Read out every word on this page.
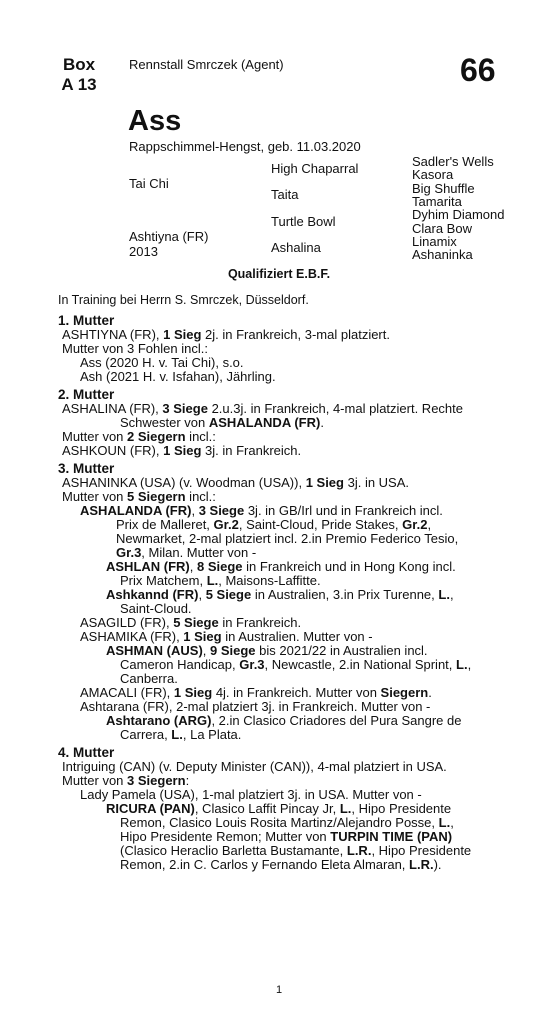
Box
A 13
Rennstall Smrczek (Agent)	66
Ass
Rappschimmel-Hengst, geb. 11.03.2020
Tai Chi
Ashtiyna (FR)
2013
High Chaparral
Taita
Turtle Bowl
Ashalina
Sadler's Wells
Kasora
Big Shuffle
Tamarita
Dyhim Diamond
Clara Bow
Linamix
Ashaninka
Qualifiziert E.B.F.
In Training bei Herrn S. Smrczek, Düsseldorf.
1. Mutter
ASHTIYNA (FR), 1 Sieg 2j. in Frankreich, 3-mal platziert.
Mutter von 3 Fohlen incl.:
Ass (2020 H. v. Tai Chi), s.o.
Ash (2021 H. v. Isfahan), Jährling.
2. Mutter
ASHALINA (FR), 3 Siege 2.u.3j. in Frankreich, 4-mal platziert. Rechte
Schwester von ASHALANDA (FR).
Mutter von 2 Siegern incl.:
ASHKOUN (FR), 1 Sieg 3j. in Frankreich.
3. Mutter
ASHANINKA (USA) (v. Woodman (USA)), 1 Sieg 3j. in USA.
Mutter von 5 Siegern incl.:
ASHALANDA (FR), 3 Siege 3j. in GB/Irl und in Frankreich incl.
Prix de Malleret, Gr.2, Saint-Cloud, Pride Stakes, Gr.2,
Newmarket, 2-mal platziert incl. 2.in Premio Federico Tesio,
Gr.3, Milan. Mutter von -
ASHLAN (FR), 8 Siege in Frankreich und in Hong Kong incl.
Prix Matchem, L., Maisons-Laffitte.
Ashkannd (FR), 5 Siege in Australien, 3.in Prix Turenne, L.,
Saint-Cloud.
ASAGILD (FR), 5 Siege in Frankreich.
ASHAMIKA (FR), 1 Sieg in Australien. Mutter von -
ASHMAN (AUS), 9 Siege bis 2021/22 in Australien incl.
Cameron Handicap, Gr.3, Newcastle, 2.in National Sprint, L.,
Canberra.
AMACALI (FR), 1 Sieg 4j. in Frankreich. Mutter von Siegern.
Ashtarana (FR), 2-mal platziert 3j. in Frankreich. Mutter von -
Ashtarano (ARG), 2.in Clasico Criadores del Pura Sangre de
Carrera, L., La Plata.
4. Mutter
Intriguing (CAN) (v. Deputy Minister (CAN)), 4-mal platziert in USA.
Mutter von 3 Siegern:
Lady Pamela (USA), 1-mal platziert 3j. in USA. Mutter von -
RICURA (PAN), Clasico Laffit Pincay Jr, L., Hipo Presidente
Remon, Clasico Louis Rosita Martinz/Alejandro Posse, L.,
Hipo Presidente Remon; Mutter von TURPIN TIME (PAN)
(Clasico Heraclio Barletta Bustamante, L.R., Hipo Presidente
Remon, 2.in C. Carlos y Fernando Eleta Almaran, L.R.).
1
